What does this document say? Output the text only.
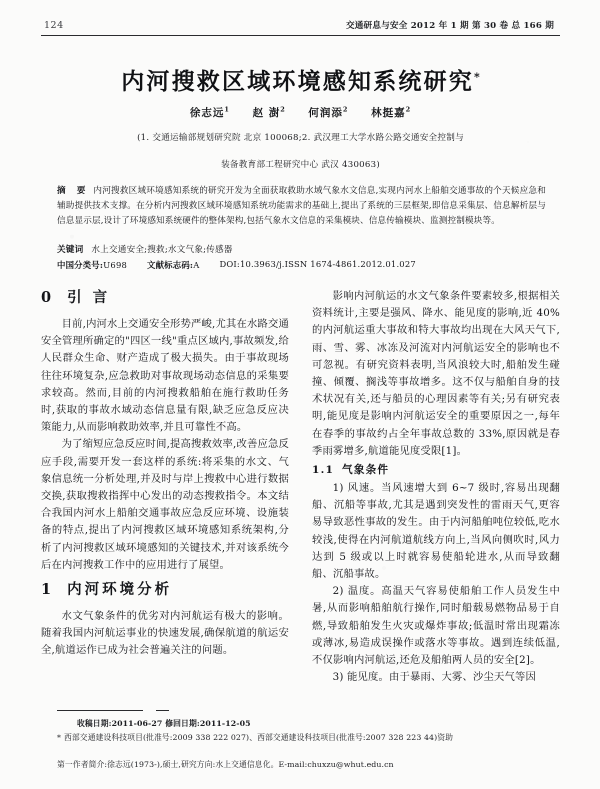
124	交通研息与安全 2012 年 1 期 第 30 卷 总 166 期
内河搜救区域环境感知系统研究*
徐志远$^1$ 赵 澍$^2$ 何润添$^2$ 林挺嘉$^2$
(1. 交通运输部规划研究院 北京 100068;2. 武汉理工大学水路公路交通安全控制与
装备教育部工程研究中心 武汉 430063)

摘 要 内河搜救区域环境感知系统的研究开发为全面获取救助水域气象水文信息,实现内河水上船舶交通事故的个天候应急和辅助提供技术支撑。在分析内河搜救区域环境感知系统功能需求的基础上,提出了系统的三层框架,即信息采集层、信息解析层与信息显示层,设计了环境感知系统硬件的整体架构,包括气象水文信息的采集模块、信息传输模块、监测控制模块等。

关键词 水上交通安全;搜救;水文气象;传感器
中国分类号:U698 文献标志码:A DOI:10.3963/j.ISSN 1674-4861.2012.01.027
0 引 言

目前,内河水上交通安全形势严峻,尤其在水路交通安全管理所确定的"四区一线"重点区域内,事故频发,给人民群众生命、财产造成了极大损失。由于事故现场往往环境复杂,应急救助对事故现场动态信息的采集要求较高。然而,目前的内河搜救船舶在施行救助任务时,获取的事故水域动态信息量有限,缺乏应急反应决策能力,从而影响救助效率,并且可靠性不高。

为了缩短应急反应时间,提高搜救效率,改善应急反应手段,需要开发一套这样的系统:将采集的水文、气象信息统一分析处理,并及时与岸上搜救中心进行数据交换,获取搜救指挥中心发出的动态搜救指令。本文结合我国内河水上船舶交通事故应急反应环境、设施装备的特点,提出了内河搜救区域环境感知系统架构,分析了内河搜救区域环境感知的关键技术,并对该系统今后在内河搜救工作中的应用进行了展望。

1 内河环境分析

水文气象条件的优劣对内河航运有极大的影响。随着我国内河航运事业的快速发展,确保航道的航运安全,航道运作已成为社会普遍关注的问题。

影响内河航运的水文气象条件要素较多,根据相关资料统计,主要是强风、降水、能见度的影响,近 40% 的内河航运重大事故和特大事故均出现在大风天气下,雨、雪、雾、冰冻及河流对内河航运安全的影响也不可忽视。有研究资料表明,当风浪较大时,船舶发生碰撞、倾覆、搁浅等事故增多。这不仅与船舶自身的技术状况有关,还与船员的心理因素等有关;另有研究表明,能见度是影响内河航运安全的重要原因之一,每年在春季的事故约占全年事故总数的 33%,原因就是春季雨雾增多,航道能见度受限[1]。

1.1 气象条件

1) 风速。当风速增大到 6~7 级时,容易出现翻船、沉船等事故,尤其是遇到突发性的雷雨天气,更容易导致恶性事故的发生。由于内河船舶吨位较低,吃水较浅,使得在内河航道航线方向上,当风向侧吹时,风力达到 5 级或以上时就容易使船轮进水,从而导致翻船、沉船事故。

2) 温度。高温天气容易使船舶工作人员发生中暑,从而影响船舶航行操作,同时船载易燃物品易于自燃,导致船舶发生火灾或爆炸事故;低温时常出现霜冻或薄冰,易造成误操作或落水等事故。遇到连续低温,不仅影响内河航运,还危及船舶两人员的安全[2]。

3) 能见度。由于暴雨、大雾、沙尘天气等因

收稿日期:2011-06-27 修回日期:2011-12-05
* 西部交通建设科技项目(批准号:2009 338 222 027)、西部交通建设科技项目(批准号:2007 328 223 44)资助
第一作者简介:徐志远(1973-),硕士,研究方向:水上交通信息化。E-mail:chuxzu@whut.edu.cn
